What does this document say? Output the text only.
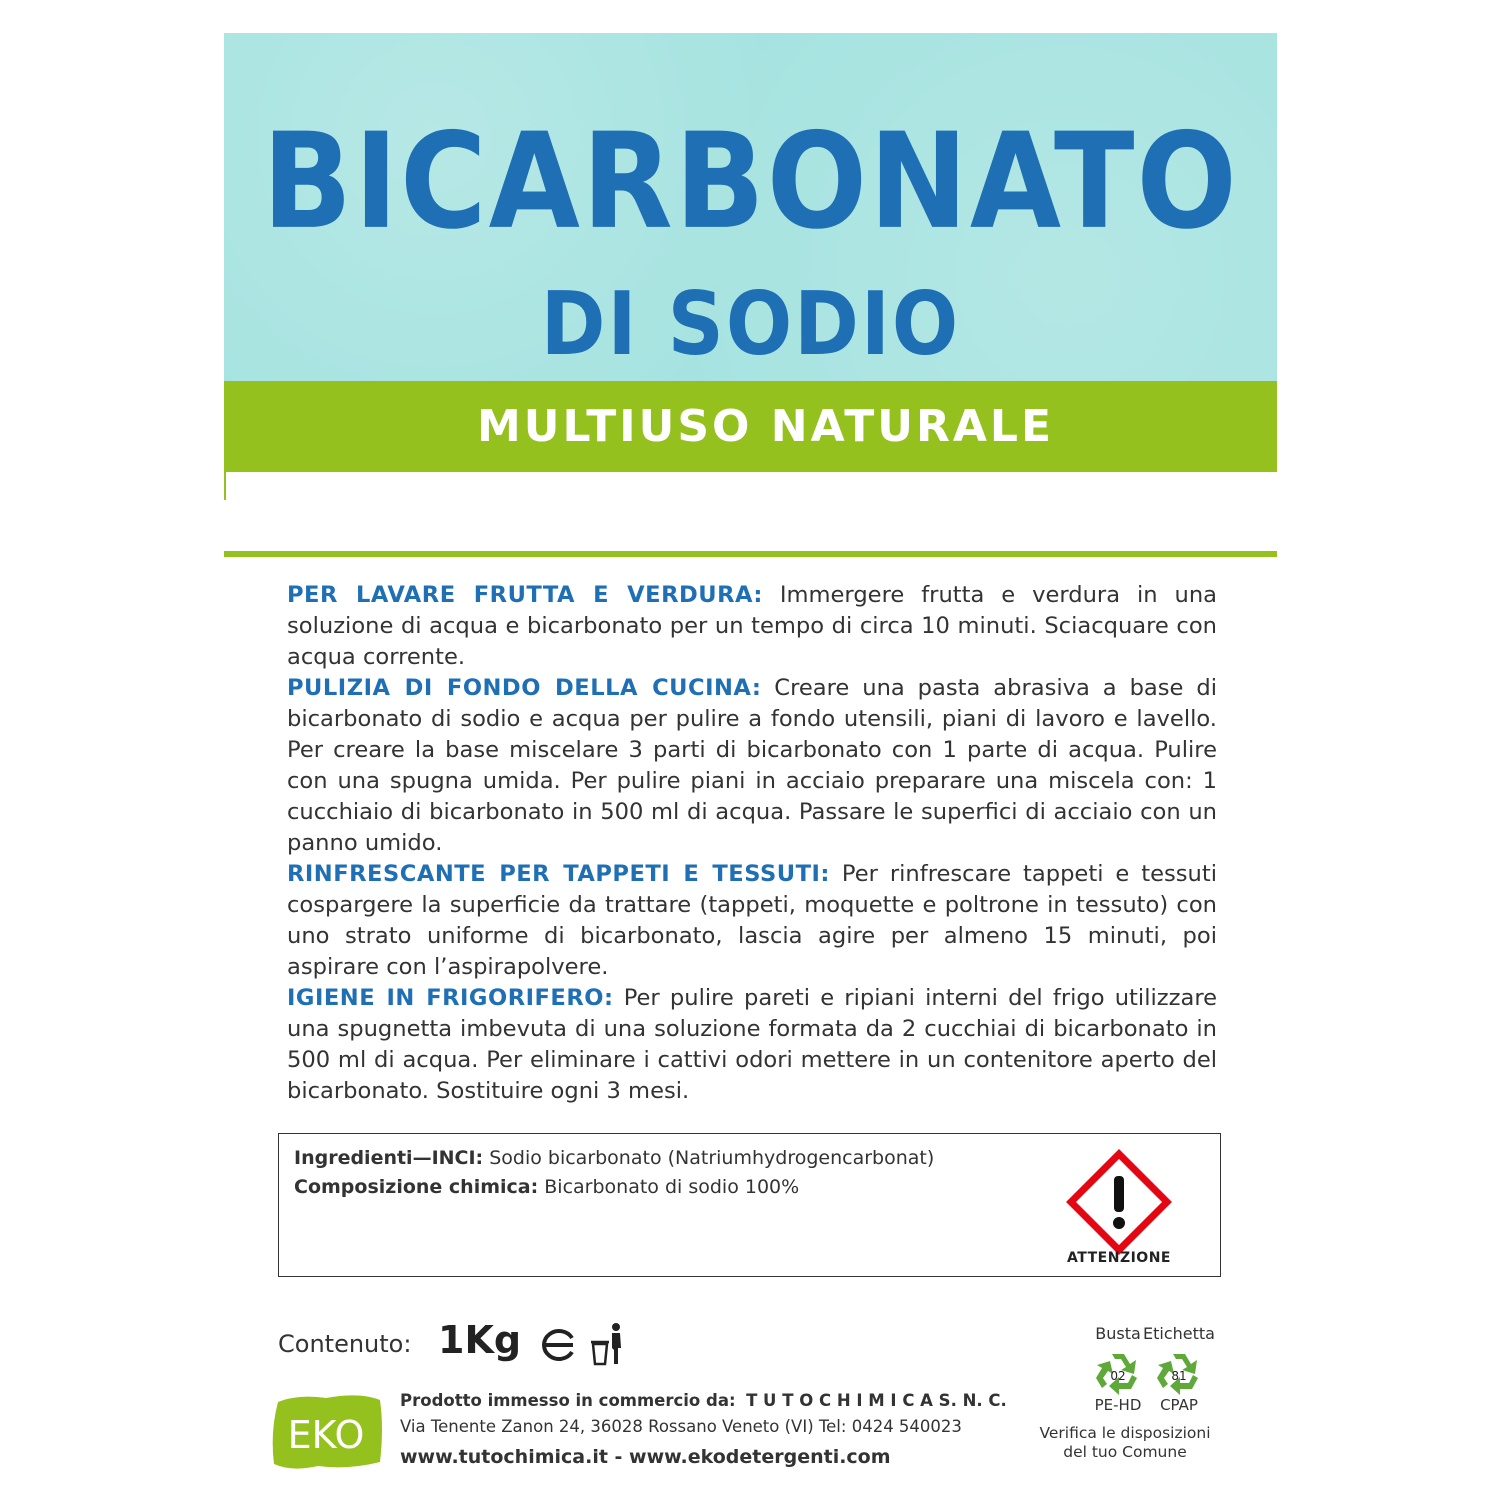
BICARBONATO
DI SODIO
MULTIUSO NATURALE

PER LAVARE FRUTTA E VERDURA: Immergere frutta e verdura in una soluzione di acqua e bicarbonato per un tempo di circa 10 minuti. Sciacquare con acqua corrente.

PULIZIA DI FONDO DELLA CUCINA: Creare una pasta abrasiva a base di bicarbonato di sodio e acqua per pulire a fondo utensili, piani di lavoro e lavello. Per creare la base miscelare 3 parti di bicarbonato con 1 parte di acqua. Pulire con una spugna umida. Per pulire piani in acciaio preparare una miscela con: 1 cucchiaio di bicarbonato in 500 ml di acqua. Passare le superfici di acciaio con un panno umido.

RINFRESCANTE PER TAPPETI E TESSUTI: Per rinfrescare tappeti e tessuti cospargere la superficie da trattare (tappeti, moquette e poltrone in tessuto) con uno strato uniforme di bicarbonato, lascia agire per almeno 15 minuti, poi aspirare con l’aspirapolvere.

IGIENE IN FRIGORIFERO: Per pulire pareti e ripiani interni del frigo utilizzare una spugnetta imbevuta di una soluzione formata da 2 cucchiai di bicarbonato in 500 ml di acqua. Per eliminare i cattivi odori mettere in un contenitore aperto del bicarbonato. Sostituire ogni 3 mesi.

Ingredienti—INCI: Sodio bicarbonato (Natriumhydrogencarbonat)
Composizione chimica: Bicarbonato di sodio 100%
ATTENZIONE
Contenuto: 1Kg	Busta
02
PE-HD
Etichetta
81
CPAP
Verifica le disposizioni
del tuo Comune
EKO
Prodotto immesso in commercio da: T U T O C H I M I C A S. N. C.
Via Tenente Zanon 24, 36028 Rossano Veneto (VI) Tel: 0424 540023
www.tutochimica.it - www.ekodetergenti.com
